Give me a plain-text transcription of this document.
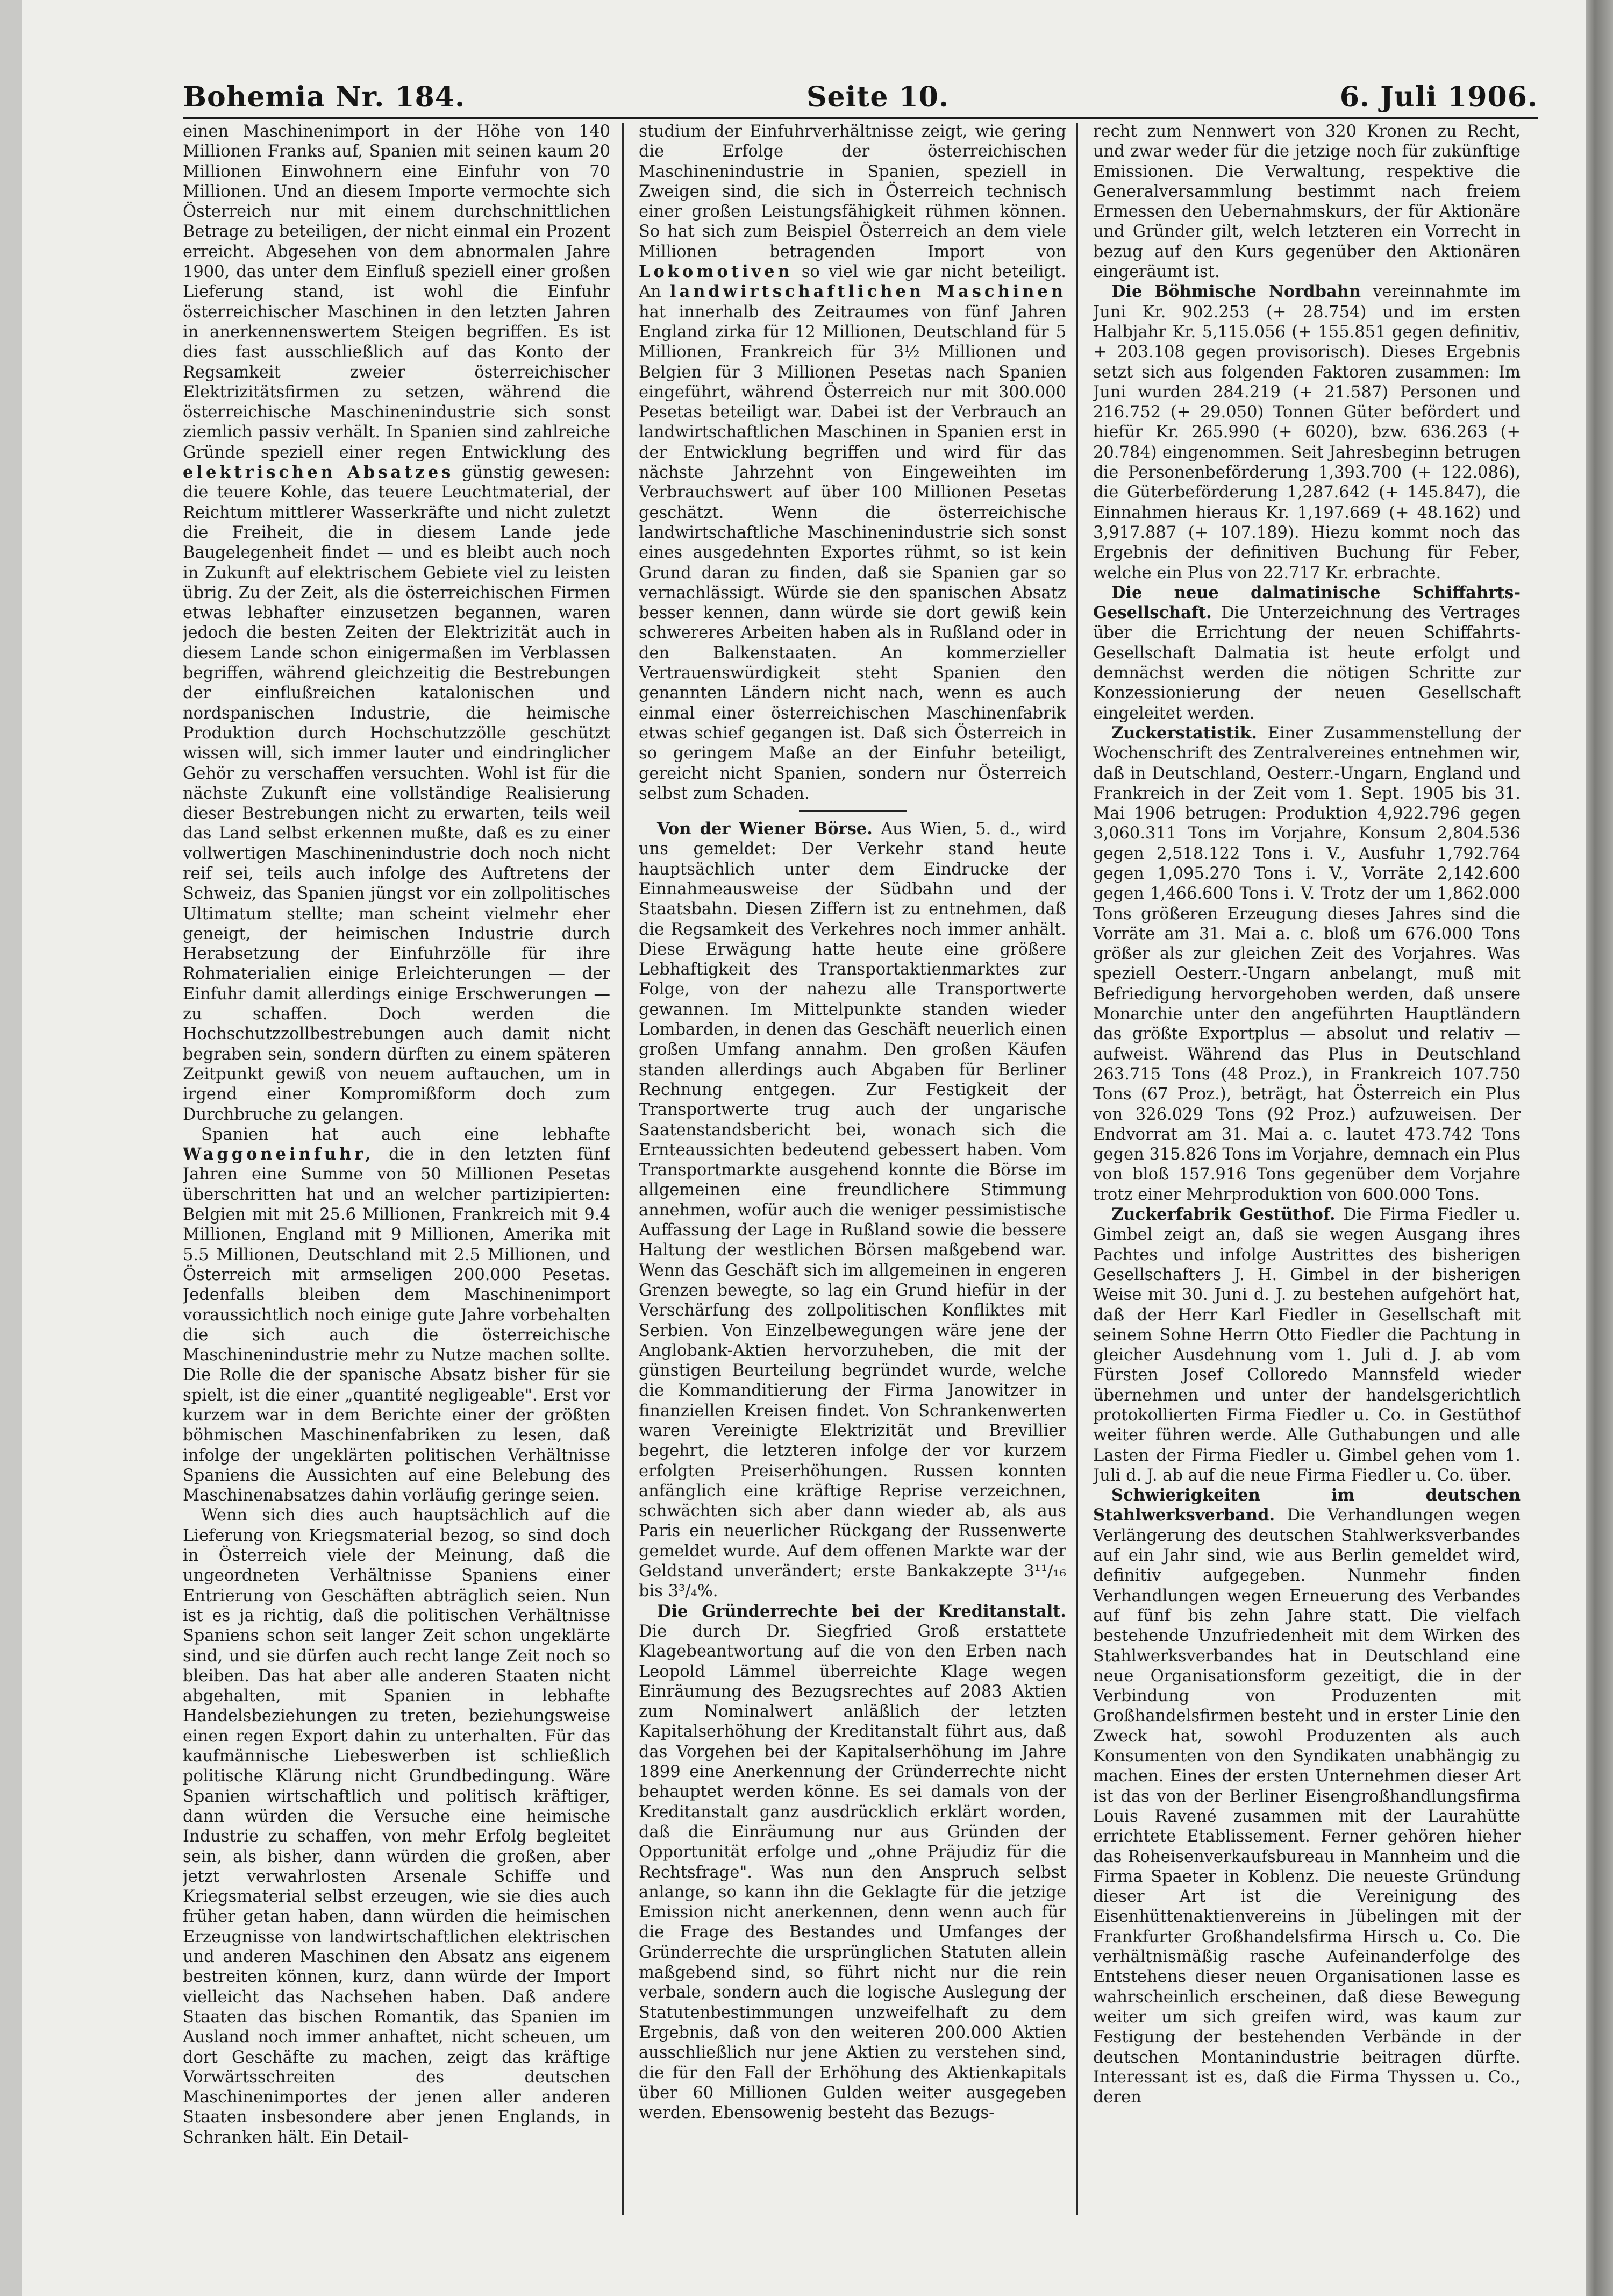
Bohemia Nr. 184.	Seite 10.	6. Juli 1906.

einen Maschinenimport in der Höhe von 140 Millionen Franks auf, Spanien mit seinen kaum 20 Millionen Einwohnern eine Einfuhr von 70 Millionen. Und an diesem Importe vermochte sich Österreich nur mit einem durchschnittlichen Betrage zu beteiligen, der nicht einmal ein Prozent erreicht. Abgesehen von dem abnormalen Jahre 1900, das unter dem Einfluß speziell einer großen Lieferung stand, ist wohl die Einfuhr österreichischer Maschinen in den letzten Jahren in anerkennenswertem Steigen begriffen. Es ist dies fast ausschließlich auf das Konto der Regsamkeit zweier österreichischer Elektrizitätsfirmen zu setzen, während die österreichische Maschinenindustrie sich sonst ziemlich passiv verhält. In Spanien sind zahlreiche Gründe speziell einer regen Entwicklung des elektrischen Absatzes günstig gewesen: die teuere Kohle, das teuere Leuchtmaterial, der Reichtum mittlerer Wasserkräfte und nicht zuletzt die Freiheit, die in diesem Lande jede Baugelegenheit findet — und es bleibt auch noch in Zukunft auf elektrischem Gebiete viel zu leisten übrig. Zu der Zeit, als die österreichischen Firmen etwas lebhafter einzusetzen begannen, waren jedoch die besten Zeiten der Elektrizität auch in diesem Lande schon einigermaßen im Verblassen begriffen, während gleichzeitig die Bestrebungen der einflußreichen katalonischen und nordspanischen Industrie, die heimische Produktion durch Hochschutzzölle geschützt wissen will, sich immer lauter und eindringlicher Gehör zu verschaffen versuchten. Wohl ist für die nächste Zukunft eine vollständige Realisierung dieser Bestrebungen nicht zu erwarten, teils weil das Land selbst erkennen mußte, daß es zu einer vollwertigen Maschinenindustrie doch noch nicht reif sei, teils auch infolge des Auftretens der Schweiz, das Spanien jüngst vor ein zollpolitisches Ultimatum stellte; man scheint vielmehr eher geneigt, der heimischen Industrie durch Herabsetzung der Einfuhrzölle für ihre Rohmaterialien einige Erleichterungen — der Einfuhr damit allerdings einige Erschwerungen — zu schaffen. Doch werden die Hochschutzzollbestrebungen auch damit nicht begraben sein, sondern dürften zu einem späteren Zeitpunkt gewiß von neuem auftauchen, um in irgend einer Kompromißform doch zum Durchbruche zu gelangen.

Spanien hat auch eine lebhafte Waggoneinfuhr, die in den letzten fünf Jahren eine Summe von 50 Millionen Pesetas überschritten hat und an welcher partizipierten: Belgien mit mit 25.6 Millionen, Frankreich mit 9.4 Millionen, England mit 9 Millionen, Amerika mit 5.5 Millionen, Deutschland mit 2.5 Millionen, und Österreich mit armseligen 200.000 Pesetas. Jedenfalls bleiben dem Maschinenimport voraussichtlich noch einige gute Jahre vorbehalten die sich auch die österreichische Maschinenindustrie mehr zu Nutze machen sollte. Die Rolle die der spanische Absatz bisher für sie spielt, ist die einer „quantité negligeable". Erst vor kurzem war in dem Berichte einer der größten böhmischen Maschinenfabriken zu lesen, daß infolge der ungeklärten politischen Verhältnisse Spaniens die Aussichten auf eine Belebung des Maschinenabsatzes dahin vorläufig geringe seien.

Wenn sich dies auch hauptsächlich auf die Lieferung von Kriegsmaterial bezog, so sind doch in Österreich viele der Meinung, daß die ungeordneten Verhältnisse Spaniens einer Entrierung von Geschäften abträglich seien. Nun ist es ja richtig, daß die politischen Verhältnisse Spaniens schon seit langer Zeit schon ungeklärte sind, und sie dürfen auch recht lange Zeit noch so bleiben. Das hat aber alle anderen Staaten nicht abgehalten, mit Spanien in lebhafte Handelsbeziehungen zu treten, beziehungsweise einen regen Export dahin zu unterhalten. Für das kaufmännische Liebeswerben ist schließlich politische Klärung nicht Grundbedingung. Wäre Spanien wirtschaftlich und politisch kräftiger, dann würden die Versuche eine heimische Industrie zu schaffen, von mehr Erfolg begleitet sein, als bisher, dann würden die großen, aber jetzt verwahrlosten Arsenale Schiffe und Kriegsmaterial selbst erzeugen, wie sie dies auch früher getan haben, dann würden die heimischen Erzeugnisse von landwirtschaftlichen elektrischen und anderen Maschinen den Absatz ans eigenem bestreiten können, kurz, dann würde der Import vielleicht das Nachsehen haben. Daß andere Staaten das bischen Romantik, das Spanien im Ausland noch immer anhaftet, nicht scheuen, um dort Geschäfte zu machen, zeigt das kräftige Vorwärtsschreiten des deutschen Maschinenimportes der jenen aller anderen Staaten insbesondere aber jenen Englands, in Schranken hält. Ein Detail-

studium der Einfuhrverhältnisse zeigt, wie gering die Erfolge der österreichischen Maschinenindustrie in Spanien, speziell in Zweigen sind, die sich in Österreich technisch einer großen Leistungsfähigkeit rühmen können. So hat sich zum Beispiel Österreich an dem viele Millionen betragenden Import von Lokomotiven so viel wie gar nicht beteiligt. An landwirtschaftlichen Maschinen hat innerhalb des Zeitraumes von fünf Jahren England zirka für 12 Millionen, Deutschland für 5 Millionen, Frankreich für 3½ Millionen und Belgien für 3 Millionen Pesetas nach Spanien eingeführt, während Österreich nur mit 300.000 Pesetas beteiligt war. Dabei ist der Verbrauch an landwirtschaftlichen Maschinen in Spanien erst in der Entwicklung begriffen und wird für das nächste Jahrzehnt von Eingeweihten im Verbrauchswert auf über 100 Millionen Pesetas geschätzt. Wenn die österreichische landwirtschaftliche Maschinenindustrie sich sonst eines ausgedehnten Exportes rühmt, so ist kein Grund daran zu finden, daß sie Spanien gar so vernachlässigt. Würde sie den spanischen Absatz besser kennen, dann würde sie dort gewiß kein schwereres Arbeiten haben als in Rußland oder in den Balkenstaaten. An kommerzieller Vertrauenswürdigkeit steht Spanien den genannten Ländern nicht nach, wenn es auch einmal einer österreichischen Maschinenfabrik etwas schief gegangen ist. Daß sich Österreich in so geringem Maße an der Einfuhr beteiligt, gereicht nicht Spanien, sondern nur Österreich selbst zum Schaden.

Von der Wiener Börse. Aus Wien, 5. d., wird uns gemeldet: Der Verkehr stand heute hauptsächlich unter dem Eindrucke der Einnahmeausweise der Südbahn und der Staatsbahn. Diesen Ziffern ist zu entnehmen, daß die Regsamkeit des Verkehres noch immer anhält. Diese Erwägung hatte heute eine größere Lebhaftigkeit des Transportaktienmarktes zur Folge, von der nahezu alle Transportwerte gewannen. Im Mittelpunkte standen wieder Lombarden, in denen das Geschäft neuerlich einen großen Umfang annahm. Den großen Käufen standen allerdings auch Abgaben für Berliner Rechnung entgegen. Zur Festigkeit der Transportwerte trug auch der ungarische Saatenstandsbericht bei, wonach sich die Ernteaussichten bedeutend gebessert haben. Vom Transportmarkte ausgehend konnte die Börse im allgemeinen eine freundlichere Stimmung annehmen, wofür auch die weniger pessimistische Auffassung der Lage in Rußland sowie die bessere Haltung der westlichen Börsen maßgebend war. Wenn das Geschäft sich im allgemeinen in engeren Grenzen bewegte, so lag ein Grund hiefür in der Verschärfung des zollpolitischen Konfliktes mit Serbien. Von Einzelbewegungen wäre jene der Anglobank-Aktien hervorzuheben, die mit der günstigen Beurteilung begründet wurde, welche die Kommanditierung der Firma Janowitzer in finanziellen Kreisen findet. Von Schrankenwerten waren Vereinigte Elektrizität und Brevillier begehrt, die letzteren infolge der vor kurzem erfolgten Preiserhöhungen. Russen konnten anfänglich eine kräftige Reprise verzeichnen, schwächten sich aber dann wieder ab, als aus Paris ein neuerlicher Rückgang der Russenwerte gemeldet wurde. Auf dem offenen Markte war der Geldstand unverändert; erste Bankakzepte 3¹¹/₁₆ bis 3³/₄%.

Die Gründerrechte bei der Kreditanstalt. Die durch Dr. Siegfried Groß erstattete Klagebeantwortung auf die von den Erben nach Leopold Lämmel überreichte Klage wegen Einräumung des Bezugsrechtes auf 2083 Aktien zum Nominalwert anläßlich der letzten Kapitalserhöhung der Kreditanstalt führt aus, daß das Vorgehen bei der Kapitalserhöhung im Jahre 1899 eine Anerkennung der Gründerrechte nicht behauptet werden könne. Es sei damals von der Kreditanstalt ganz ausdrücklich erklärt worden, daß die Einräumung nur aus Gründen der Opportunität erfolge und „ohne Präjudiz für die Rechtsfrage". Was nun den Anspruch selbst anlange, so kann ihn die Geklagte für die jetzige Emission nicht anerkennen, denn wenn auch für die Frage des Bestandes und Umfanges der Gründerrechte die ursprünglichen Statuten allein maßgebend sind, so führt nicht nur die rein verbale, sondern auch die logische Auslegung der Statutenbestimmungen unzweifelhaft zu dem Ergebnis, daß von den weiteren 200.000 Aktien ausschließlich nur jene Aktien zu verstehen sind, die für den Fall der Erhöhung des Aktienkapitals über 60 Millionen Gulden weiter ausgegeben werden. Ebensowenig besteht das Bezugs-

recht zum Nennwert von 320 Kronen zu Recht, und zwar weder für die jetzige noch für zukünftige Emissionen. Die Verwaltung, respektive die Generalversammlung bestimmt nach freiem Ermessen den Uebernahmskurs, der für Aktionäre und Gründer gilt, welch letzteren ein Vorrecht in bezug auf den Kurs gegenüber den Aktionären eingeräumt ist.

Die Böhmische Nordbahn vereinnahmte im Juni Kr. 902.253 (+ 28.754) und im ersten Halbjahr Kr. 5,115.056 (+ 155.851 gegen definitiv, + 203.108 gegen provisorisch). Dieses Ergebnis setzt sich aus folgenden Faktoren zusammen: Im Juni wurden 284.219 (+ 21.587) Personen und 216.752 (+ 29.050) Tonnen Güter befördert und hiefür Kr. 265.990 (+ 6020), bzw. 636.263 (+ 20.784) eingenommen. Seit Jahresbeginn betrugen die Personenbeförderung 1,393.700 (+ 122.086), die Güterbeförderung 1,287.642 (+ 145.847), die Einnahmen hieraus Kr. 1,197.669 (+ 48.162) und 3,917.887 (+ 107.189). Hiezu kommt noch das Ergebnis der definitiven Buchung für Feber, welche ein Plus von 22.717 Kr. erbrachte.

Die neue dalmatinische Schiffahrts-Gesellschaft. Die Unterzeichnung des Vertrages über die Errichtung der neuen Schiffahrts-Gesellschaft Dalmatia ist heute erfolgt und demnächst werden die nötigen Schritte zur Konzessionierung der neuen Gesellschaft eingeleitet werden.

Zuckerstatistik. Einer Zusammenstellung der Wochenschrift des Zentralvereines entnehmen wir, daß in Deutschland, Oesterr.-Ungarn, England und Frankreich in der Zeit vom 1. Sept. 1905 bis 31. Mai 1906 betrugen: Produktion 4,922.796 gegen 3,060.311 Tons im Vorjahre, Konsum 2,804.536 gegen 2,518.122 Tons i. V., Ausfuhr 1,792.764 gegen 1,095.270 Tons i. V., Vorräte 2,142.600 gegen 1,466.600 Tons i. V. Trotz der um 1,862.000 Tons größeren Erzeugung dieses Jahres sind die Vorräte am 31. Mai a. c. bloß um 676.000 Tons größer als zur gleichen Zeit des Vorjahres. Was speziell Oesterr.-Ungarn anbelangt, muß mit Befriedigung hervorgehoben werden, daß unsere Monarchie unter den angeführten Hauptländern das größte Exportplus — absolut und relativ — aufweist. Während das Plus in Deutschland 263.715 Tons (48 Proz.), in Frankreich 107.750 Tons (67 Proz.), beträgt, hat Österreich ein Plus von 326.029 Tons (92 Proz.) aufzuweisen. Der Endvorrat am 31. Mai a. c. lautet 473.742 Tons gegen 315.826 Tons im Vorjahre, demnach ein Plus von bloß 157.916 Tons gegenüber dem Vorjahre trotz einer Mehrproduktion von 600.000 Tons.

Zuckerfabrik Gestüthof. Die Firma Fiedler u. Gimbel zeigt an, daß sie wegen Ausgang ihres Pachtes und infolge Austrittes des bisherigen Gesellschafters J. H. Gimbel in der bisherigen Weise mit 30. Juni d. J. zu bestehen aufgehört hat, daß der Herr Karl Fiedler in Gesellschaft mit seinem Sohne Herrn Otto Fiedler die Pachtung in gleicher Ausdehnung vom 1. Juli d. J. ab vom Fürsten Josef Colloredo Mannsfeld wieder übernehmen und unter der handelsgerichtlich protokollierten Firma Fiedler u. Co. in Gestüthof weiter führen werde. Alle Guthabungen und alle Lasten der Firma Fiedler u. Gimbel gehen vom 1. Juli d. J. ab auf die neue Firma Fiedler u. Co. über.

Schwierigkeiten im deutschen Stahlwerksverband. Die Verhandlungen wegen Verlängerung des deutschen Stahlwerksverbandes auf ein Jahr sind, wie aus Berlin gemeldet wird, definitiv aufgegeben. Nunmehr finden Verhandlungen wegen Erneuerung des Verbandes auf fünf bis zehn Jahre statt. Die vielfach bestehende Unzufriedenheit mit dem Wirken des Stahlwerksverbandes hat in Deutschland eine neue Organisationsform gezeitigt, die in der Verbindung von Produzenten mit Großhandelsfirmen besteht und in erster Linie den Zweck hat, sowohl Produzenten als auch Konsumenten von den Syndikaten unabhängig zu machen. Eines der ersten Unternehmen dieser Art ist das von der Berliner Eisengroßhandlungsfirma Louis Ravené zusammen mit der Laurahütte errichtete Etablissement. Ferner gehören hieher das Roheisenverkaufsbureau in Mannheim und die Firma Spaeter in Koblenz. Die neueste Gründung dieser Art ist die Vereinigung des Eisenhüttenaktienvereins in Jübelingen mit der Frankfurter Großhandelsfirma Hirsch u. Co. Die verhältnismäßig rasche Aufeinanderfolge des Entstehens dieser neuen Organisationen lasse es wahrscheinlich erscheinen, daß diese Bewegung weiter um sich greifen wird, was kaum zur Festigung der bestehenden Verbände in der deutschen Montanindustrie beitragen dürfte. Interessant ist es, daß die Firma Thyssen u. Co., deren
